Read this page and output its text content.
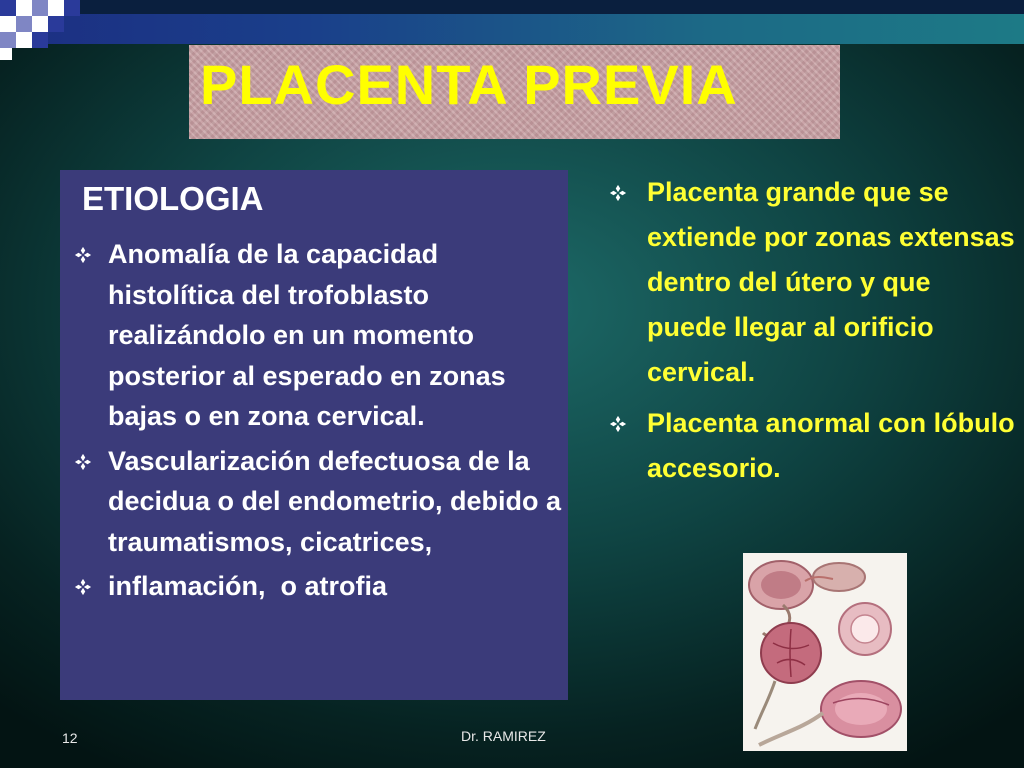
PLACENTA PREVIA
ETIOLOGIA
Anomalía de la capacidad histolítica del trofoblasto realizándolo en un momento posterior al esperado en zonas bajas o en zona cervical.
Vascularización defectuosa de la decidua o del endometrio, debido a traumatismos, cicatrices,
inflamación,  o atrofia
Placenta grande que se extiende por zonas extensas dentro del útero y que puede llegar al orificio cervical.
Placenta anormal con lóbulo accesorio.

12	Dr. RAMIREZ
